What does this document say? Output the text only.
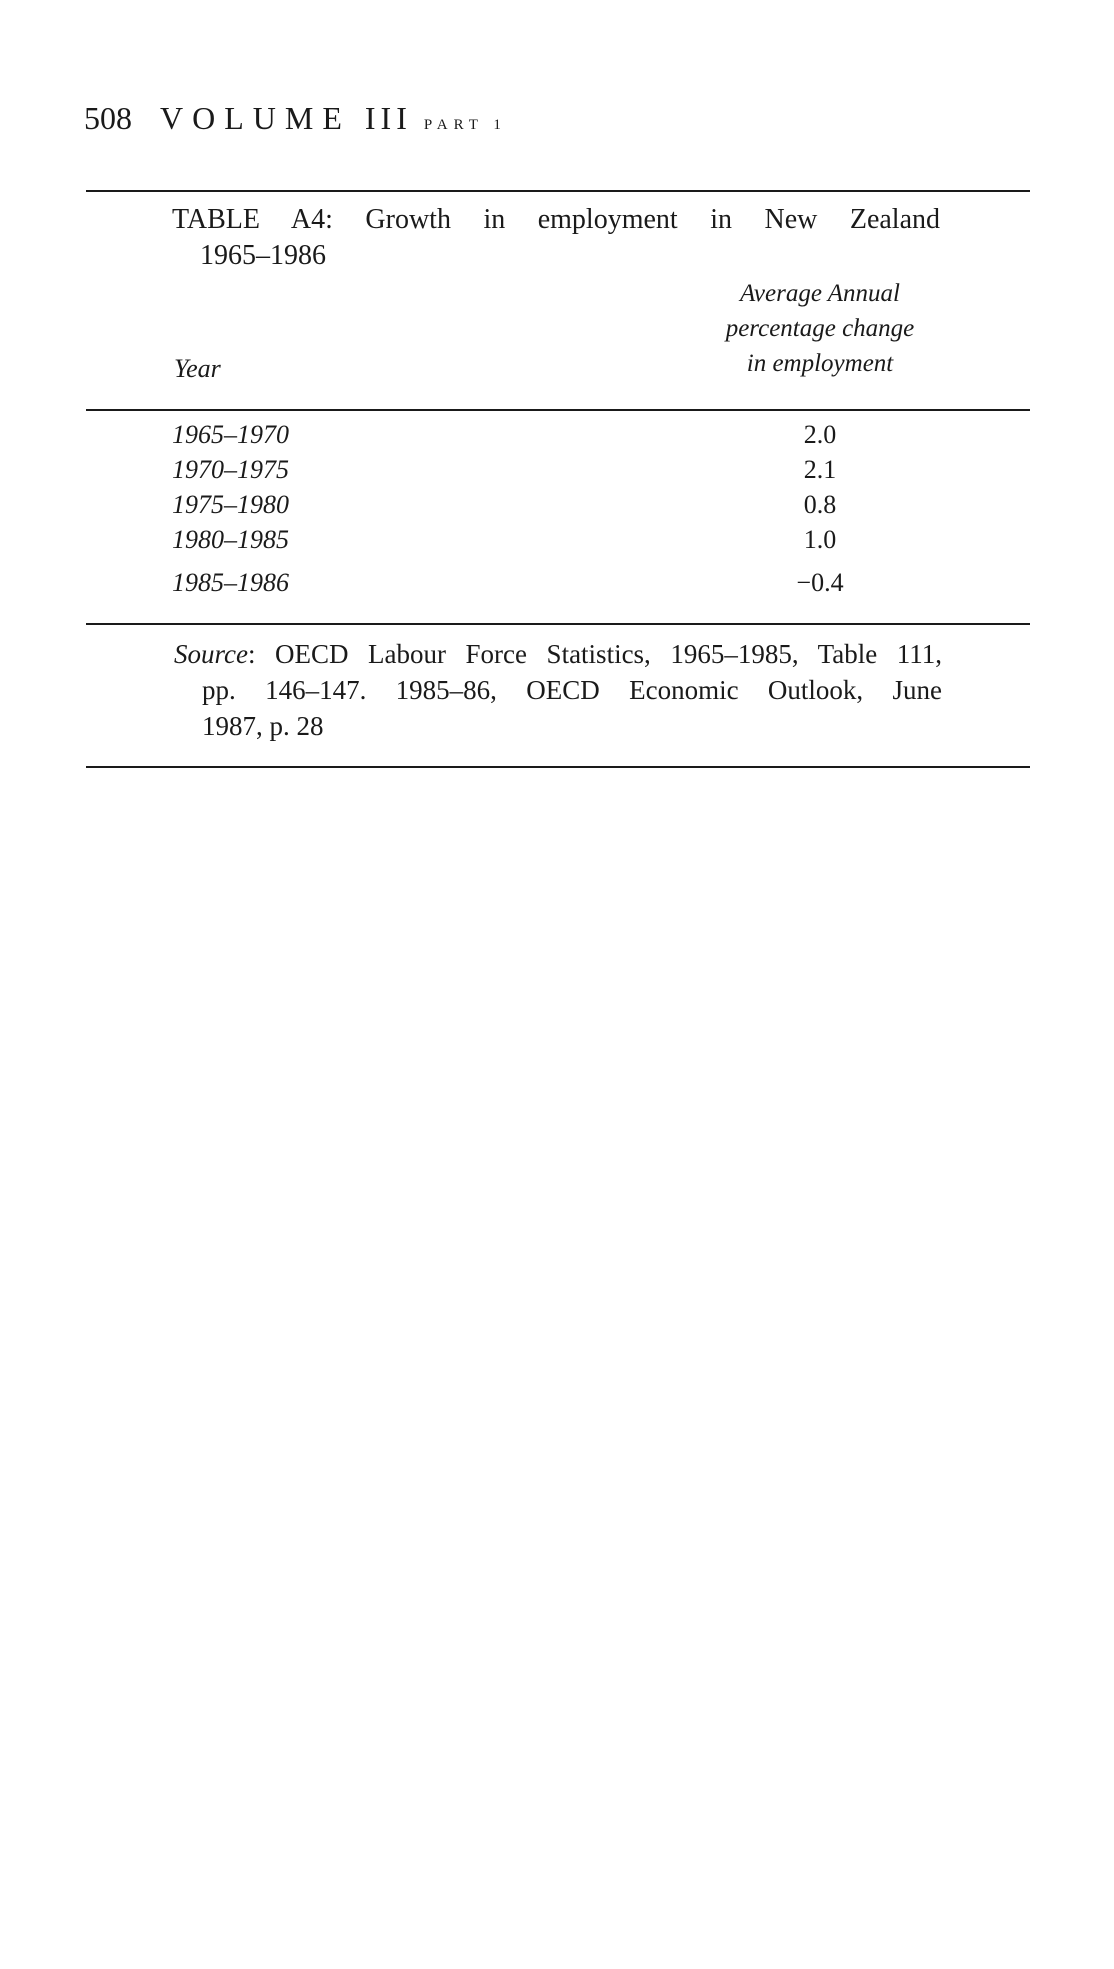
508 VOLUME III PART 1
TABLE A4: Growth in employment in New Zealand
1965–1986
Year
Average Annual
percentage change
in employment
1965–1970	2.0
1970–1975	2.1
1975–1980	0.8
1980–1985	1.0
1985–1986	−0.4
Source: OECD Labour Force Statistics, 1965–1985, Table 111,
pp. 146–147. 1985–86, OECD Economic Outlook, June
1987, p. 28
